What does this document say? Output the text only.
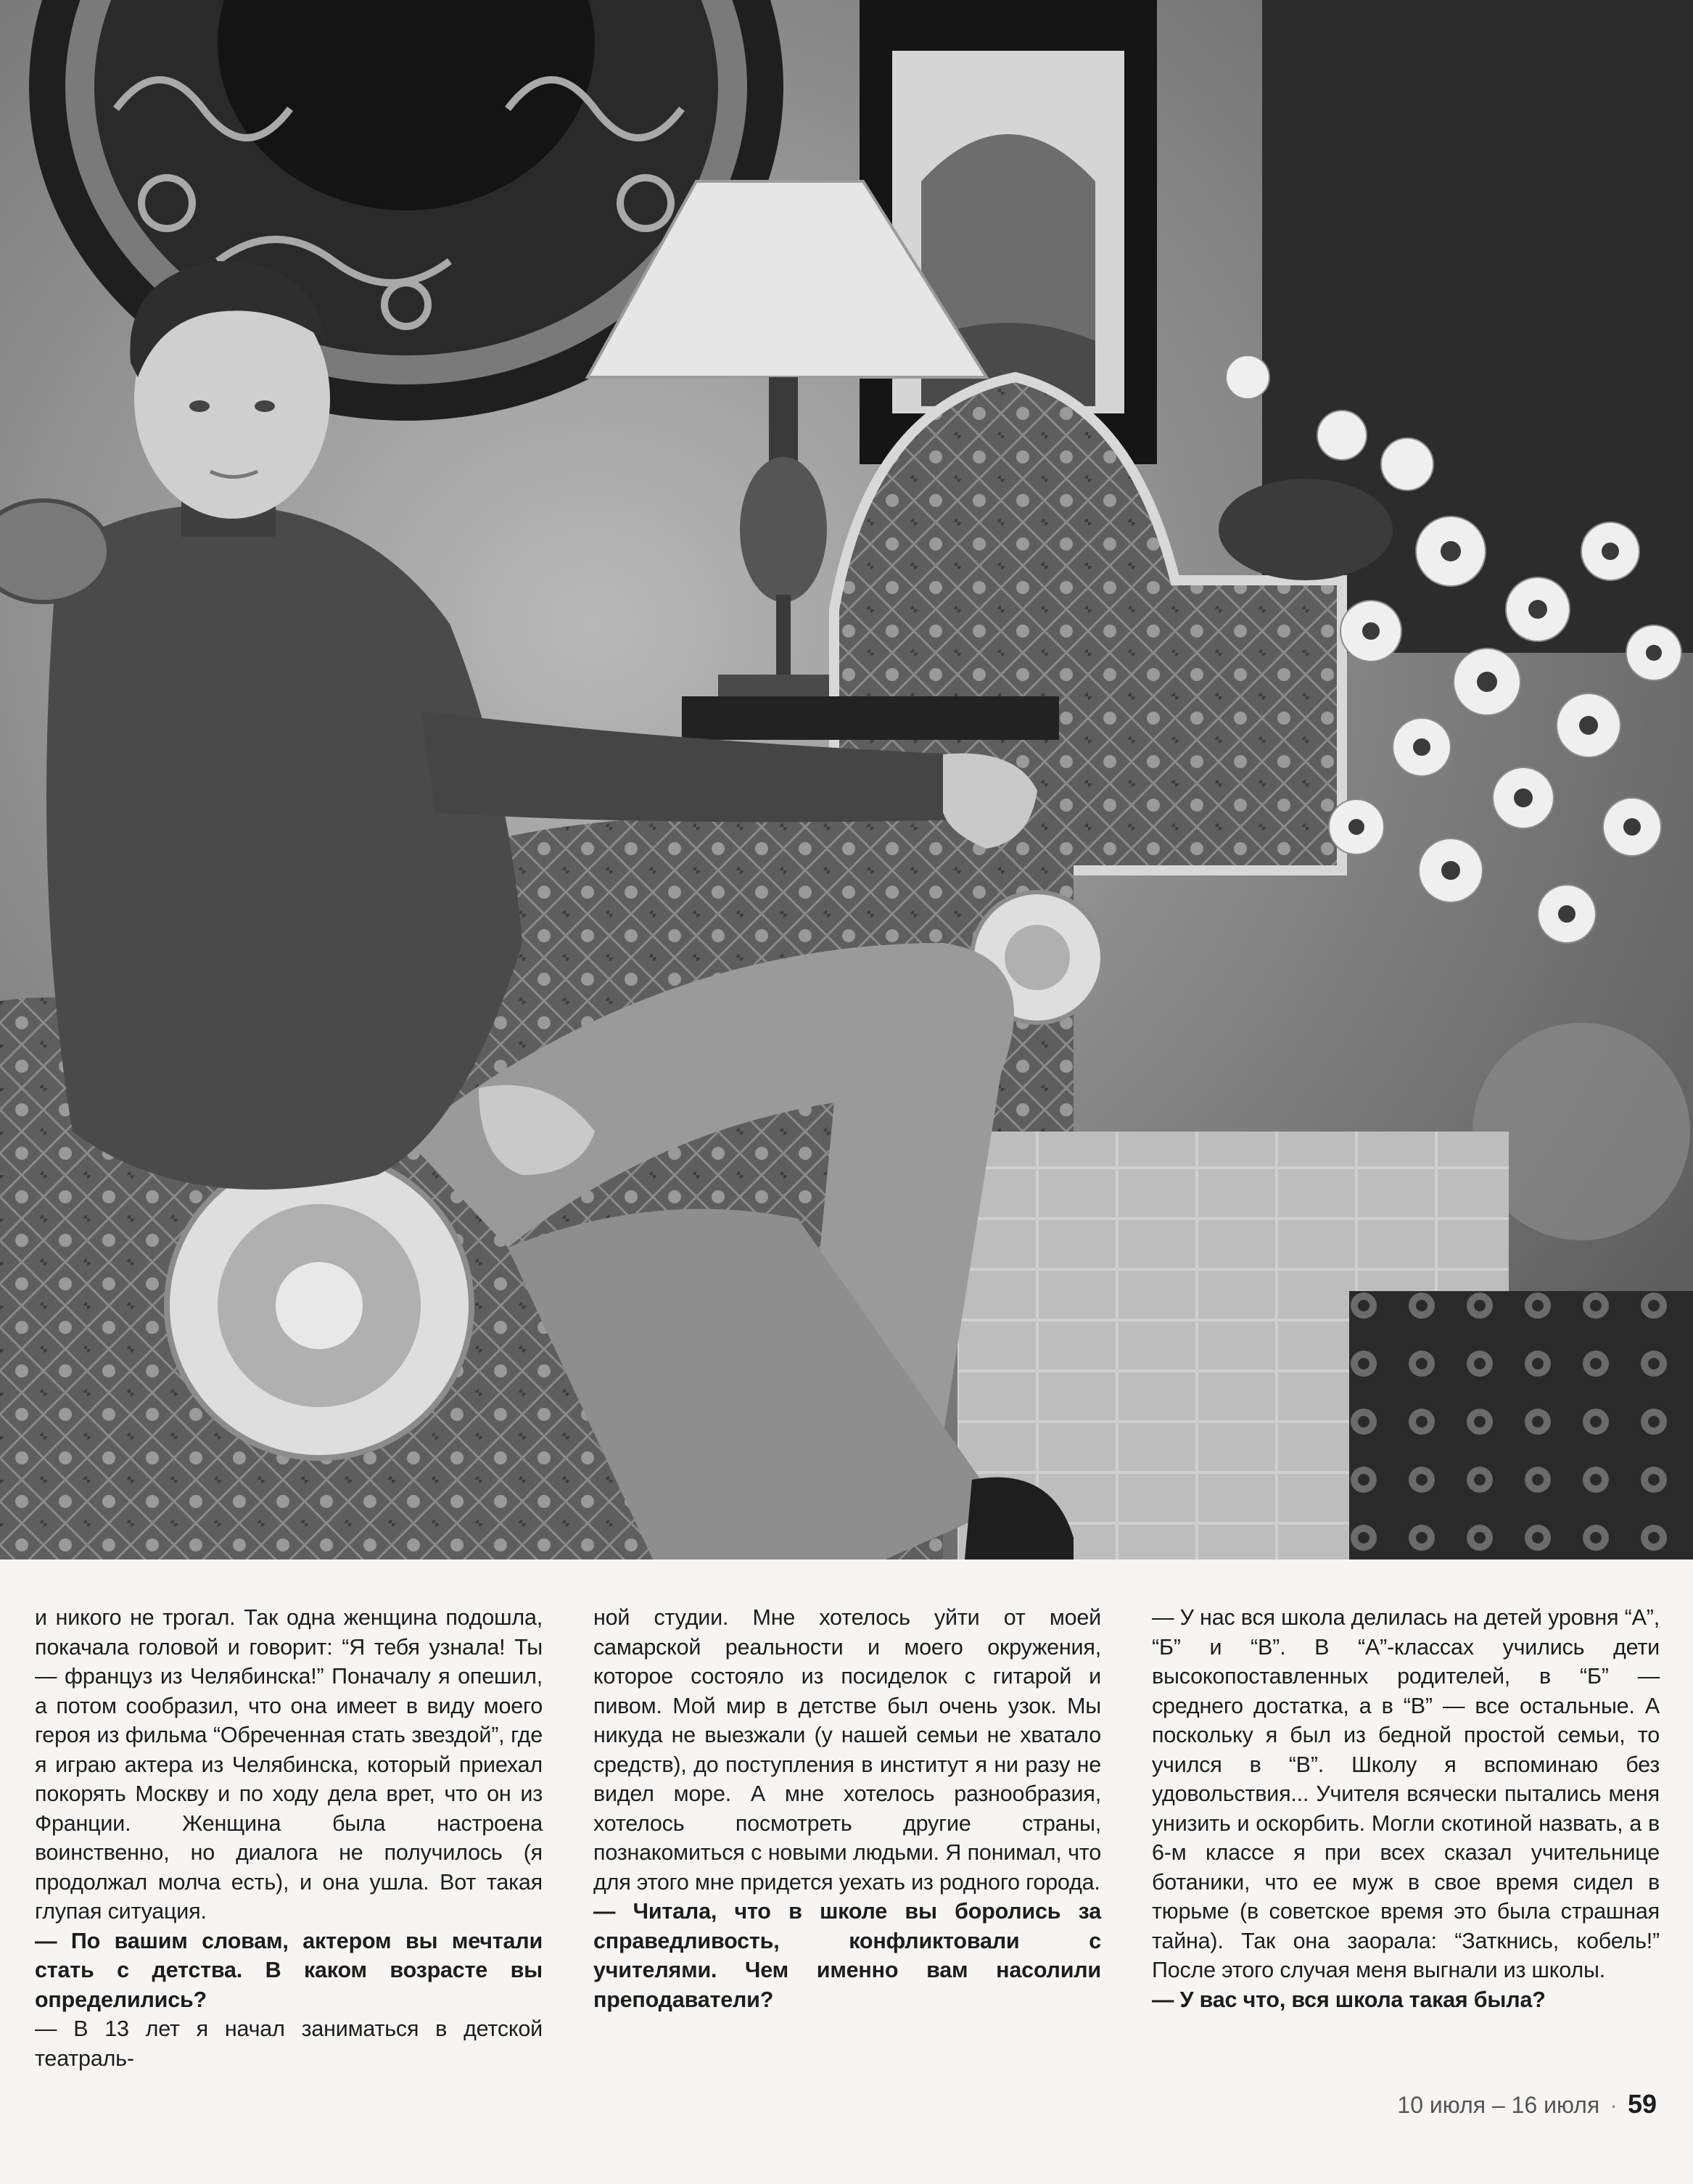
и никого не трогал. Так одна женщина подошла, покачала головой и говорит: “Я тебя узнала! Ты — француз из Челябинска!” Поначалу я опешил, а потом сообразил, что она имеет в виду моего героя из фильма “Обреченная стать звездой”, где я играю актера из Челябинска, который приехал покорять Москву и по ходу дела врет, что он из Франции. Женщина была настроена воинственно, но диалога не получилось (я продолжал молча есть), и она ушла. Вот такая глупая ситуация.

— По вашим словам, актером вы мечтали стать с детства. В каком возрасте вы определились?

— В 13 лет я начал заниматься в детской театраль-

ной студии. Мне хотелось уйти от моей самарской реальности и моего окружения, которое состояло из посиделок с гитарой и пивом. Мой мир в детстве был очень узок. Мы никуда не выезжали (у нашей семьи не хватало средств), до поступления в институт я ни разу не видел море. А мне хотелось разнообразия, хотелось посмотреть другие страны, познакомиться с новыми людьми. Я понимал, что для этого мне придется уехать из родного города.

— Читала, что в школе вы боролись за справедливость, конфликтовали с учителями. Чем именно вам насолили преподаватели?

— У нас вся школа делилась на детей уровня “А”, “Б” и “В”. В “А”-классах учились дети высокопоставленных родителей, в “Б” — среднего достатка, а в “В” — все остальные. А поскольку я был из бедной простой семьи, то учился в “В”. Школу я вспоминаю без удовольствия... Учителя всячески пытались меня унизить и оскорбить. Могли скотиной назвать, а в 6-м классе я при всех сказал учительнице ботаники, что ее муж в свое время сидел в тюрьме (в советское время это была страшная тайна). Так она заорала: “Заткнись, кобель!” После этого случая меня выгнали из школы.

— У вас что, вся школа такая была?

10 июля – 16 июля · 59
